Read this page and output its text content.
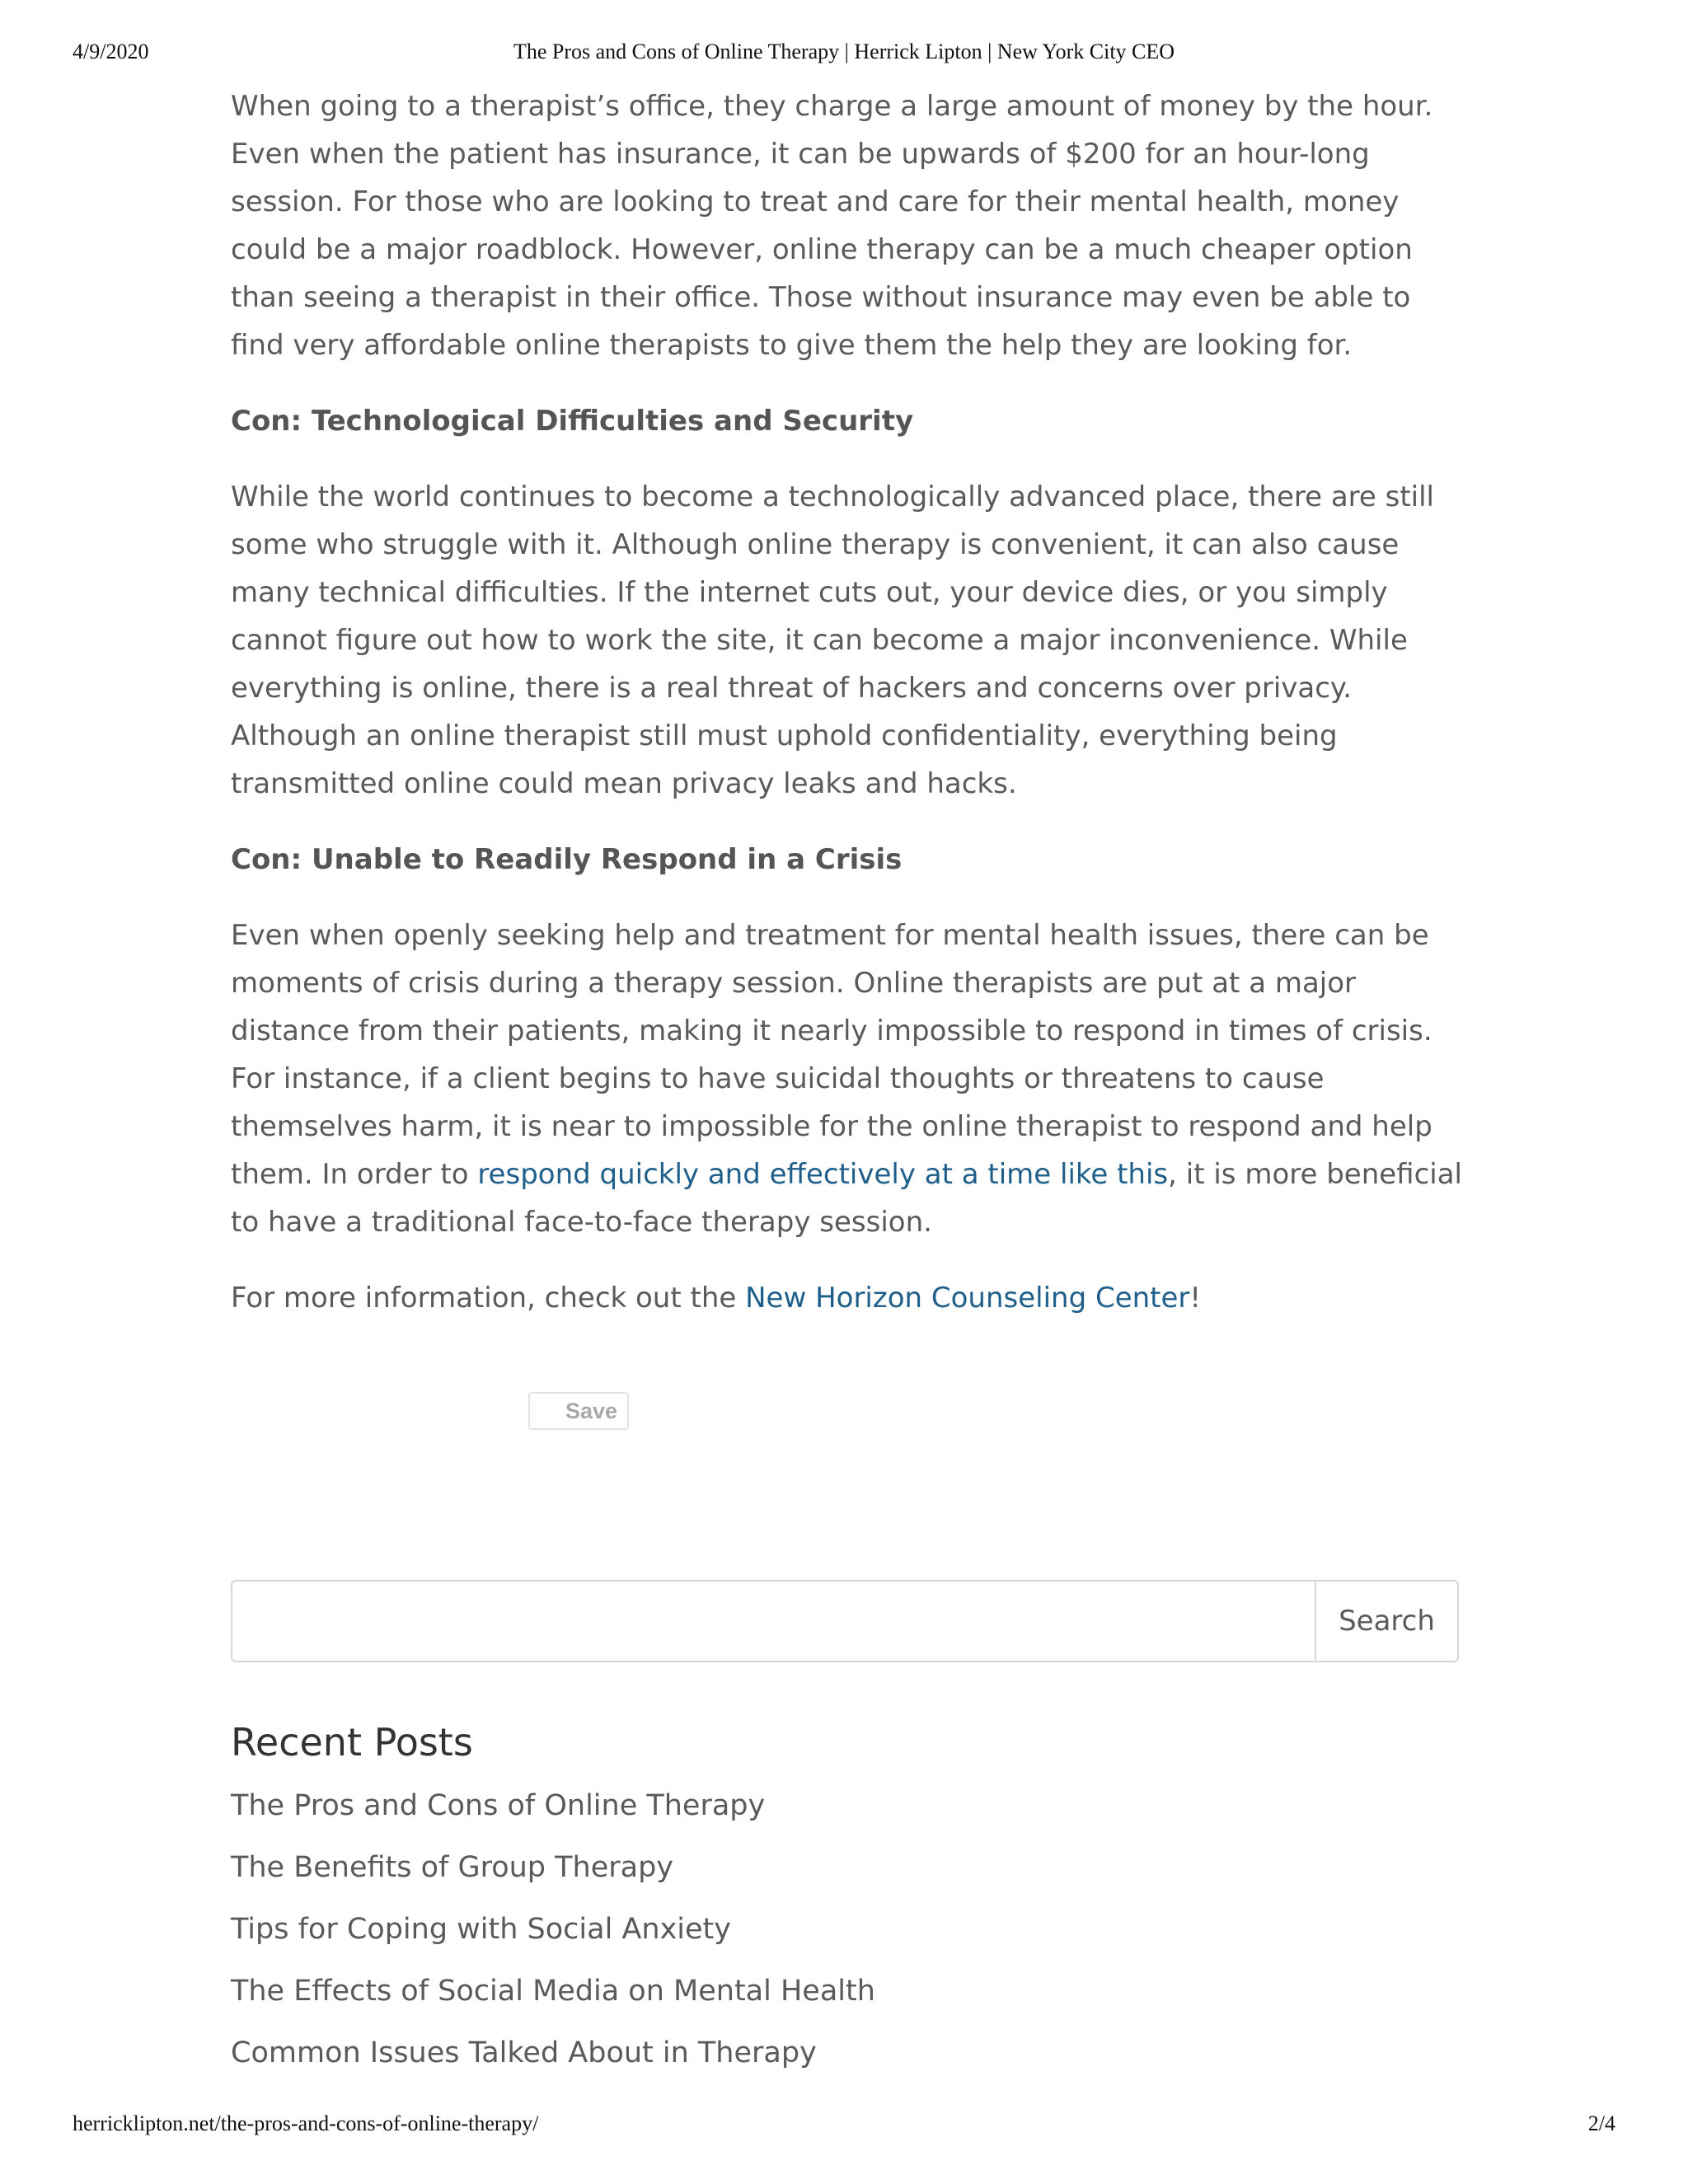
The Pros and Cons of Online Therapy | Herrick Lipton | New York City CEO
4/9/2020

When going to a therapist’s office, they charge a large amount of money by the hour. Even when the patient has insurance, it can be upwards of $200 for an hour-long session. For those who are looking to treat and care for their mental health, money could be a major roadblock. However, online therapy can be a much cheaper option than seeing a therapist in their office. Those without insurance may even be able to find very affordable online therapists to give them the help they are looking for.

Con: Technological Difficulties and Security

While the world continues to become a technologically advanced place, there are still some who struggle with it. Although online therapy is convenient, it can also cause many technical difficulties. If the internet cuts out, your device dies, or you simply cannot figure out how to work the site, it can become a major inconvenience. While everything is online, there is a real threat of hackers and concerns over privacy. Although an online therapist still must uphold confidentiality, everything being transmitted online could mean privacy leaks and hacks.

Con: Unable to Readily Respond in a Crisis

Even when openly seeking help and treatment for mental health issues, there can be moments of crisis during a therapy session. Online therapists are put at a major distance from their patients, making it nearly impossible to respond in times of crisis. For instance, if a client begins to have suicidal thoughts or threatens to cause themselves harm, it is near to impossible for the online therapist to respond and help them. In order to respond quickly and effectively at a time like this, it is more beneficial to have a traditional face-to-face therapy session.

For more information, check out the New Horizon Counseling Center!

Save
Search
Recent Posts
The Pros and Cons of Online Therapy
The Benefits of Group Therapy
Tips for Coping with Social Anxiety
The Effects of Social Media on Mental Health
Common Issues Talked About in Therapy
herricklipton.net/the-pros-and-cons-of-online-therapy/	2/4
